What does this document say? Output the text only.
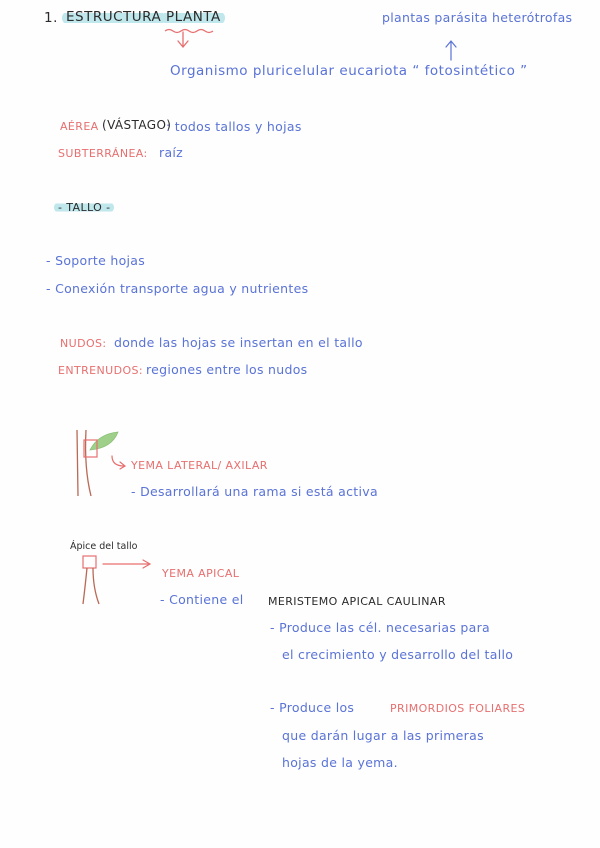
1. ESTRUCTURA PLANTA	plantas parásita heterótrofas
Organismo pluricelular eucariota “ fotosintético ”
AÉREA (VÁSTAGO)
: todos tallos y hojas
SUBTERRÁNEA: raíz
- TALLO -
- Soporte hojas
- Conexión transporte agua y nutrientes
NUDOS: donde las hojas se insertan en el tallo
ENTRENUDOS: regiones entre los nudos
YEMA LATERAL/ AXILAR
- Desarrollará una rama si está activa
Ápice del tallo
YEMA APICAL
- Contiene el MERISTEMO APICAL CAULINAR
- Produce las cél. necesarias para
el crecimiento y desarrollo del tallo
- Produce los	PRIMORDIOS FOLIARES
que darán lugar a las primeras
hojas de la yema.
